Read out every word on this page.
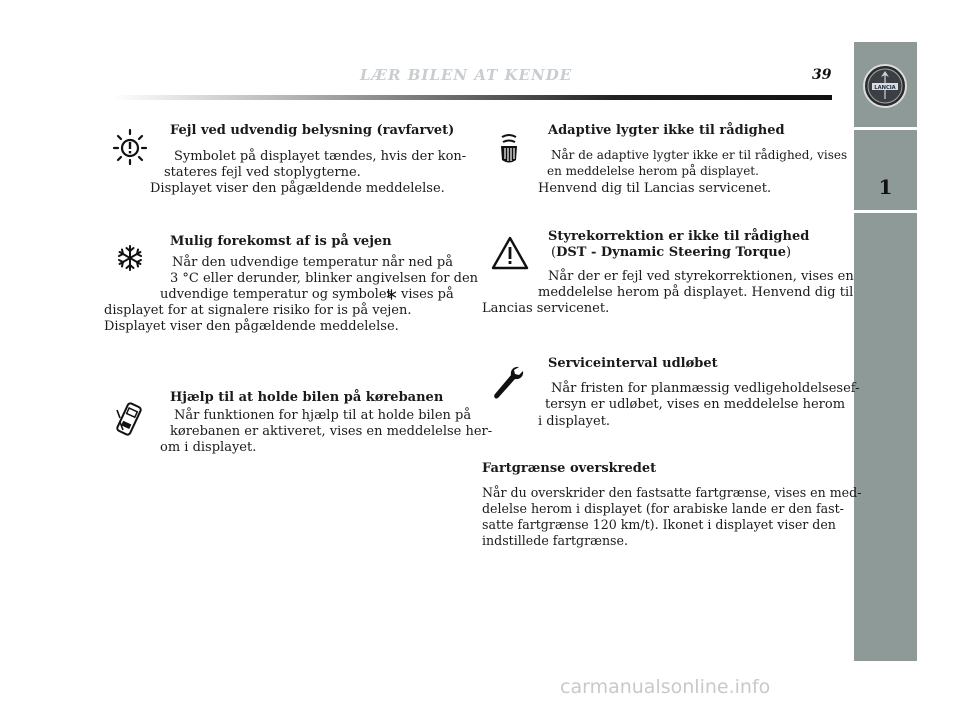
1
LANCIA
LÆR BILEN AT KENDE	39
Fejl ved udvendig belysning (ravfarvet)
Symbolet på displayet tændes, hvis der kon-
stateres fejl ved stoplygterne.
Displayet viser den pågældende meddelelse.
Mulig forekomst af is på vejen
Når den udvendige temperatur når ned på
3 °C eller derunder, blinker angivelsen for den
udvendige temperatur og symbolet vises på
displayet for at signalere risiko for is på vejen.
Displayet viser den pågældende meddelelse.
Hjælp til at holde bilen på kørebanen
Når funktionen for hjælp til at holde bilen på
kørebanen er aktiveret, vises en meddelelse her-
om i displayet.
Adaptive lygter ikke til rådighed
Når de adaptive lygter ikke er til rådighed, vises
en meddelelse herom på displayet.
Henvend dig til Lancias servicenet.
Styrekorrektion er ikke til rådighed
(DST - Dynamic Steering Torque)
Når der er fejl ved styrekorrektionen, vises en
meddelelse herom på displayet. Henvend dig til
Lancias servicenet.
Serviceinterval udløbet
Når fristen for planmæssig vedligeholdelsesef-
tersyn er udløbet, vises en meddelelse herom
i displayet.
Fartgrænse overskredet
Når du overskrider den fastsatte fartgrænse, vises en med-
delelse herom i displayet (for arabiske lande er den fast-
satte fartgrænse 120 km/t). Ikonet i displayet viser den
indstillede fartgrænse.
carmanualsonline.info
